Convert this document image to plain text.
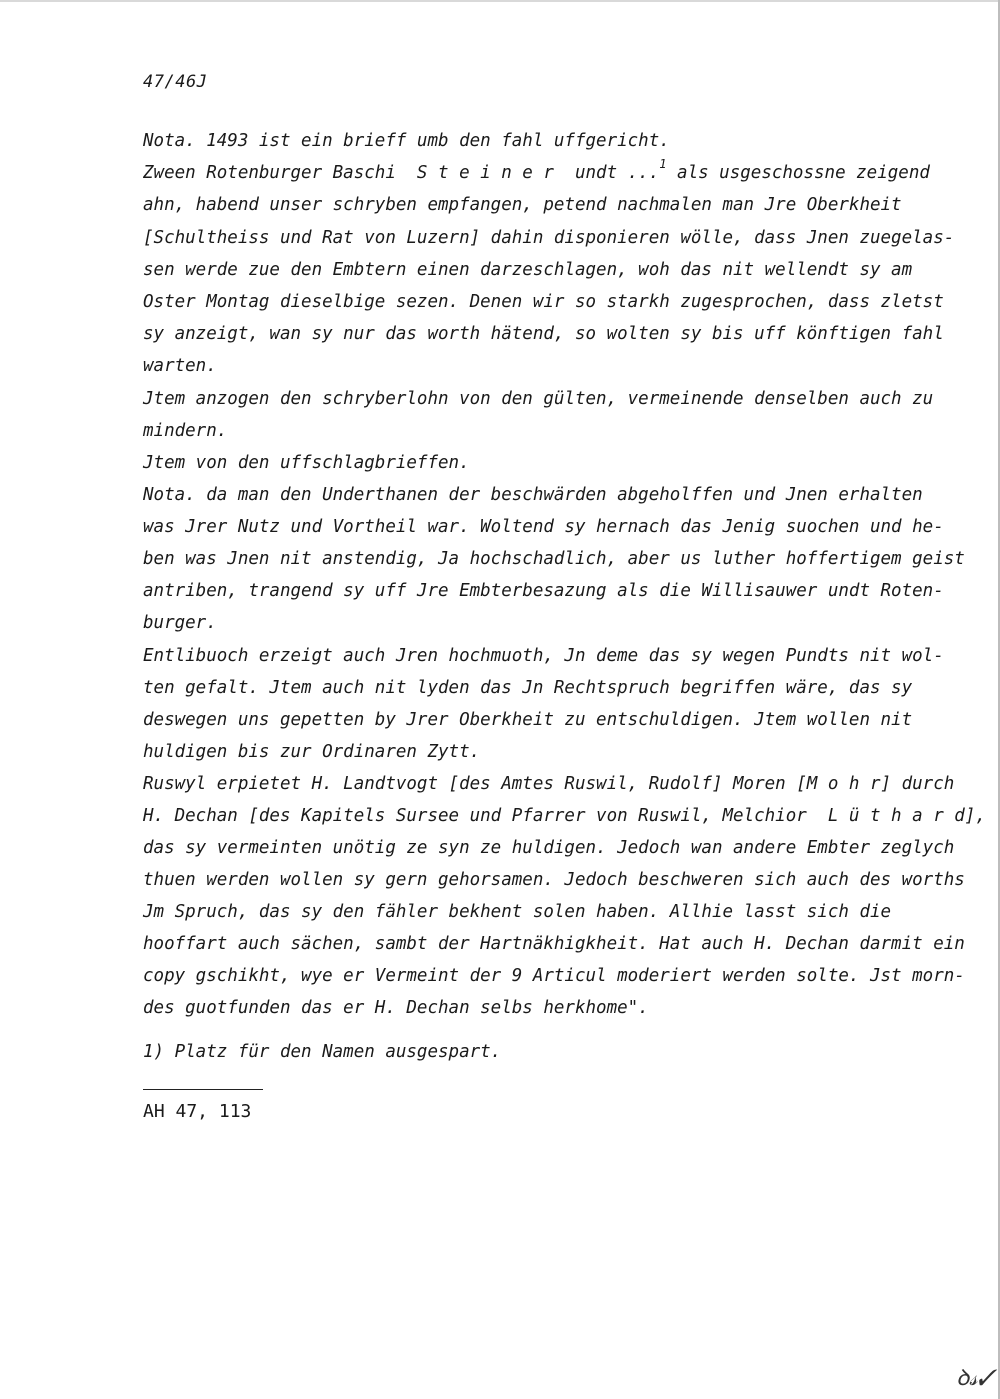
47/46J
Nota. 1493 ist ein brieff umb den fahl uffgericht.
Zween Rotenburger Baschi  S t e i n e r  undt ...$^1$ als usgeschossne zeigend
ahn, habend unser schryben empfangen, petend nachmalen man Jre Oberkheit
[Schultheiss und Rat von Luzern] dahin disponieren wölle, dass Jnen zuegelas-
sen werde zue den Embtern einen darzeschlagen, woh das nit wellendt sy am
Oster Montag dieselbige sezen. Denen wir so starkh zugesprochen, dass zletst
sy anzeigt, wan sy nur das worth hätend, so wolten sy bis uff könftigen fahl
warten.
Jtem anzogen den schryberlohn von den gülten, vermeinende denselben auch zu
mindern.
Jtem von den uffschlagbrieffen.
Nota. da man den Underthanen der beschwärden abgeholffen und Jnen erhalten
was Jrer Nutz und Vortheil war. Woltend sy hernach das Jenig suochen und he-
ben was Jnen nit anstendig, Ja hochschadlich, aber us luther hoffertigem geist
antriben, trangend sy uff Jre Embterbesazung als die Willisauwer undt Roten-
burger.
Entlibuoch erzeigt auch Jren hochmuoth, Jn deme das sy wegen Pundts nit wol-
ten gefalt. Jtem auch nit lyden das Jn Rechtspruch begriffen wäre, das sy
deswegen uns gepetten by Jrer Oberkheit zu entschuldigen. Jtem wollen nit
huldigen bis zur Ordinaren Zytt.
Ruswyl erpietet H. Landtvogt [des Amtes Ruswil, Rudolf] Moren [M o h r] durch
H. Dechan [des Kapitels Sursee und Pfarrer von Ruswil, Melchior  L ü t h a r d],
das sy vermeinten unötig ze syn ze huldigen. Jedoch wan andere Embter zeglych
thuen werden wollen sy gern gehorsamen. Jedoch beschweren sich auch des worths
Jm Spruch, das sy den fähler bekhent solen haben. Allhie lasst sich die
hooffart auch sächen, sambt der Hartnäkhigkheit. Hat auch H. Dechan darmit ein
copy gschikht, wye er Vermeint der 9 Articul moderiert werden solte. Jst morn-
des guotfunden das er H. Dechan selbs herkhome".
1) Platz für den Namen ausgespart.
AH 47, 113
ꝺ𝓈✓
